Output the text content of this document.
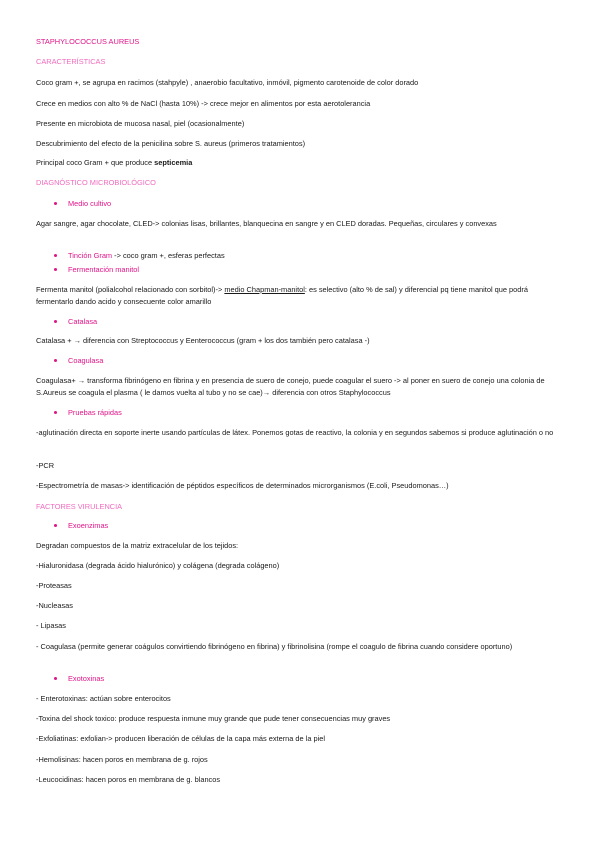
STAPHYLOCOCCUS AUREUS
CARACTERÍSTICAS
Coco gram +, se agrupa en racimos (stahpyle) , anaerobio facultativo, inmóvil, pigmento carotenoide de color dorado
Crece en medios con alto % de NaCl (hasta 10%) -> crece mejor en alimentos por esta aerotolerancia
Presente en microbiota de mucosa nasal, piel (ocasionalmente)
Descubrimiento del efecto de la penicilina sobre S. aureus (primeros tratamientos)
Principal coco Gram + que produce septicemia
DIAGNÓSTICO MICROBIOLÓGICO
Medio cultivo
Agar sangre, agar chocolate, CLED-> colonias lisas, brillantes, blanquecina en sangre y en CLED doradas. Pequeñas, circulares y convexas
Tinción Gram -> coco gram +, esferas perfectas
Fermentación manitol
Fermenta manitol (polialcohol relacionado con sorbitol)-> medio Chapman-manitol: es selectivo (alto % de sal) y diferencial pq tiene manitol que podrá fermentarlo dando acido y consecuente color amarillo
Catalasa
Catalasa + → diferencia con Streptococcus y Eenterococcus (gram + los dos también pero catalasa -)
Coagulasa
Coagulasa+ → transforma fibrinógeno en fibrina y en presencia de suero de conejo, puede coagular el suero -> al poner en suero de conejo una colonia de S.Aureus se coagula el plasma ( le damos vuelta al tubo y no se cae)→ diferencia con otros Staphylococcus
Pruebas rápidas
-aglutinación directa en soporte inerte usando partículas de látex. Ponemos gotas de reactivo, la colonia y en segundos sabemos si produce aglutinación o no
-PCR
-Espectrometría de masas-> identificación de péptidos específicos de determinados microrganismos (E.coli, Pseudomonas…)
FACTORES VIRULENCIA
Exoenzimas
Degradan compuestos de la matriz extracelular de los tejidos:
-Hialuronidasa (degrada ácido hialurónico) y colágena (degrada colágeno)
-Proteasas
-Nucleasas
- Lipasas
- Coagulasa (permite generar coágulos convirtiendo fibrinógeno en fibrina) y fibrinolisina (rompe el coagulo de fibrina cuando considere oportuno)
Exotoxinas
- Enterotoxinas: actúan sobre enterocitos
-Toxina del shock toxico: produce respuesta inmune muy grande que pude tener consecuencias muy graves
-Exfoliatinas: exfolian-> producen liberación de células de la capa más externa de la piel
-Hemolisinas: hacen poros en membrana de g. rojos
-Leucocidinas: hacen poros en membrana de g. blancos
